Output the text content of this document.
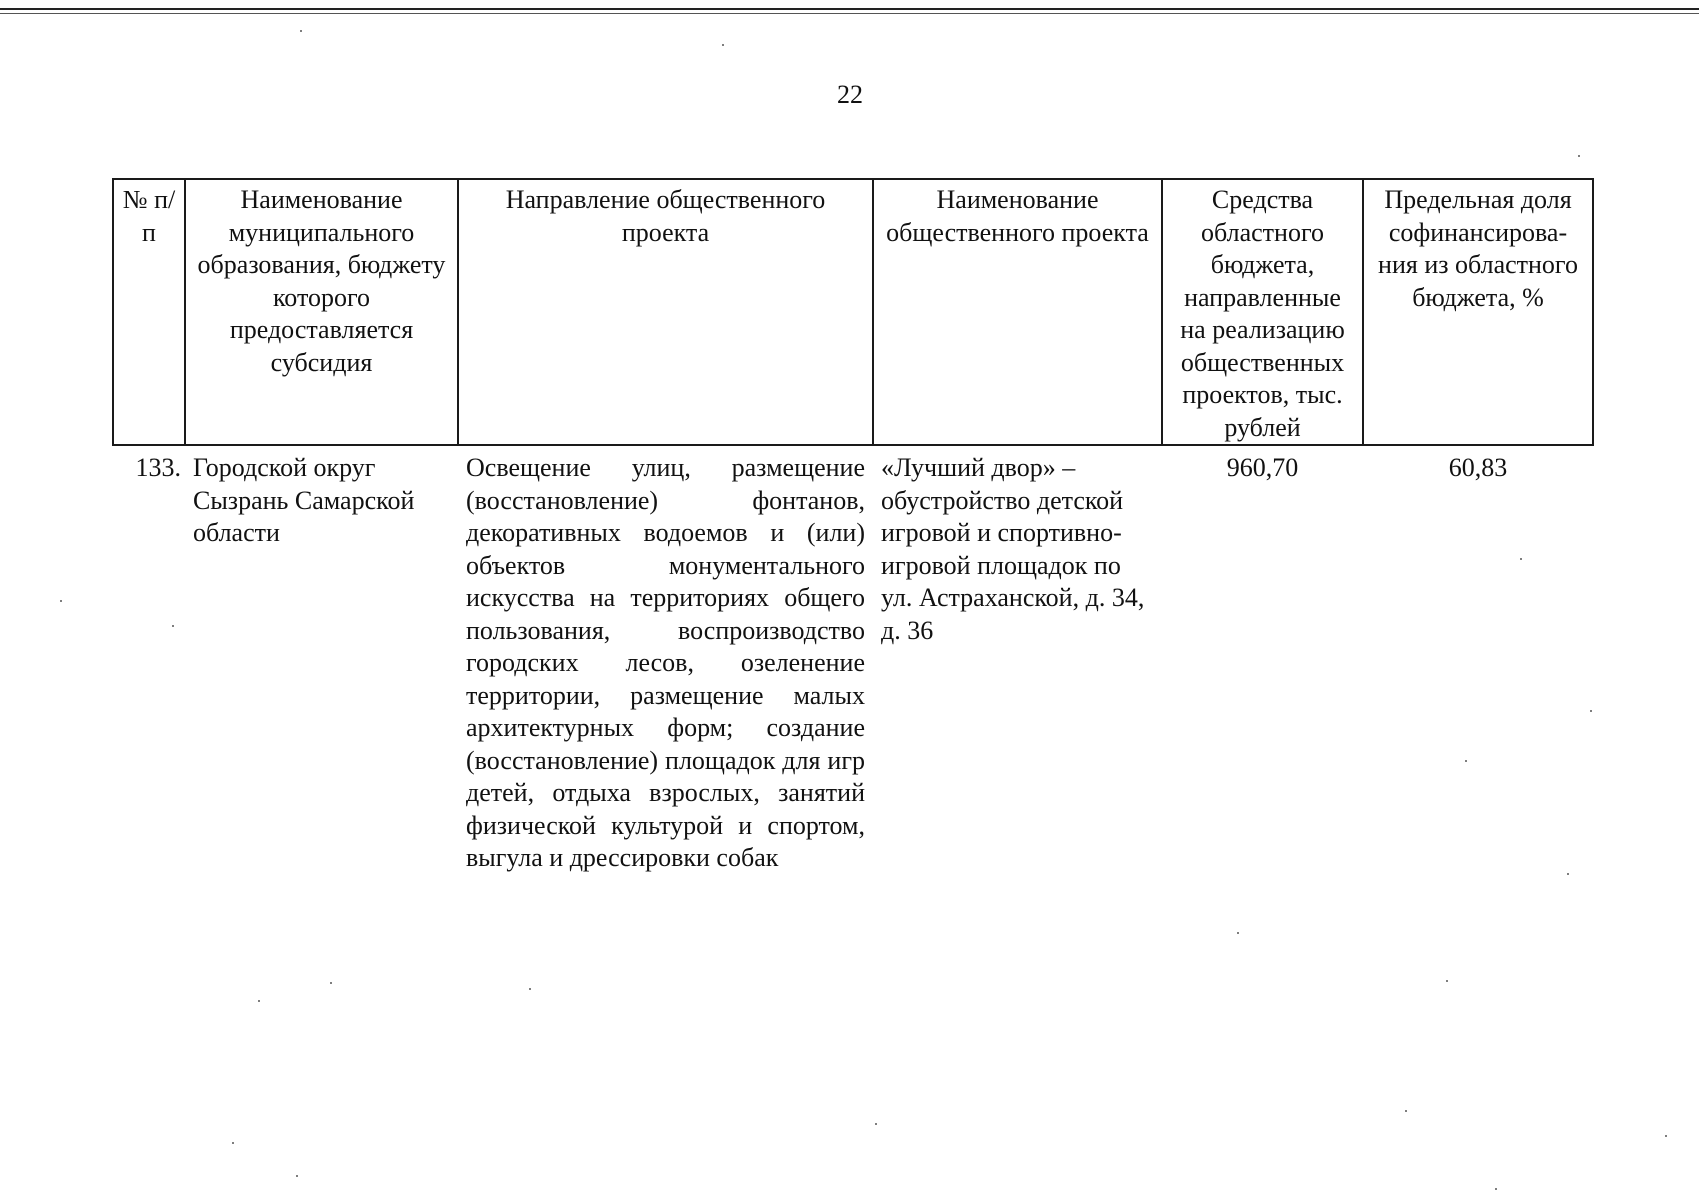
22
№ п/п	Наименование муниципального образования, бюджету которого предоставляется субсидия	Направление общественного проекта	Наименование общественного проекта	Средства областного бюджета, направленные на реализацию общественных проектов, тыс. рублей	Предельная доля софинансирова-ния из областного бюджета, %
133.	Городской округ Сызрань Самарской области	Освещение улиц, размещение (восстановление) фонтанов, декоративных водоемов и (или) объектов монументального искусства на территориях общего пользования, воспроизводство городских лесов, озеленение территории, размещение малых архитектурных форм; создание (восстановление) площадок для игр детей, отдыха взрослых, занятий физической культурой и спортом, выгула и дрессировки собак	«Лучший двор» – обустройство детской игровой и спортивно-игровой площадок по ул. Астраханской, д. 34, д. 36	960,70	60,83
